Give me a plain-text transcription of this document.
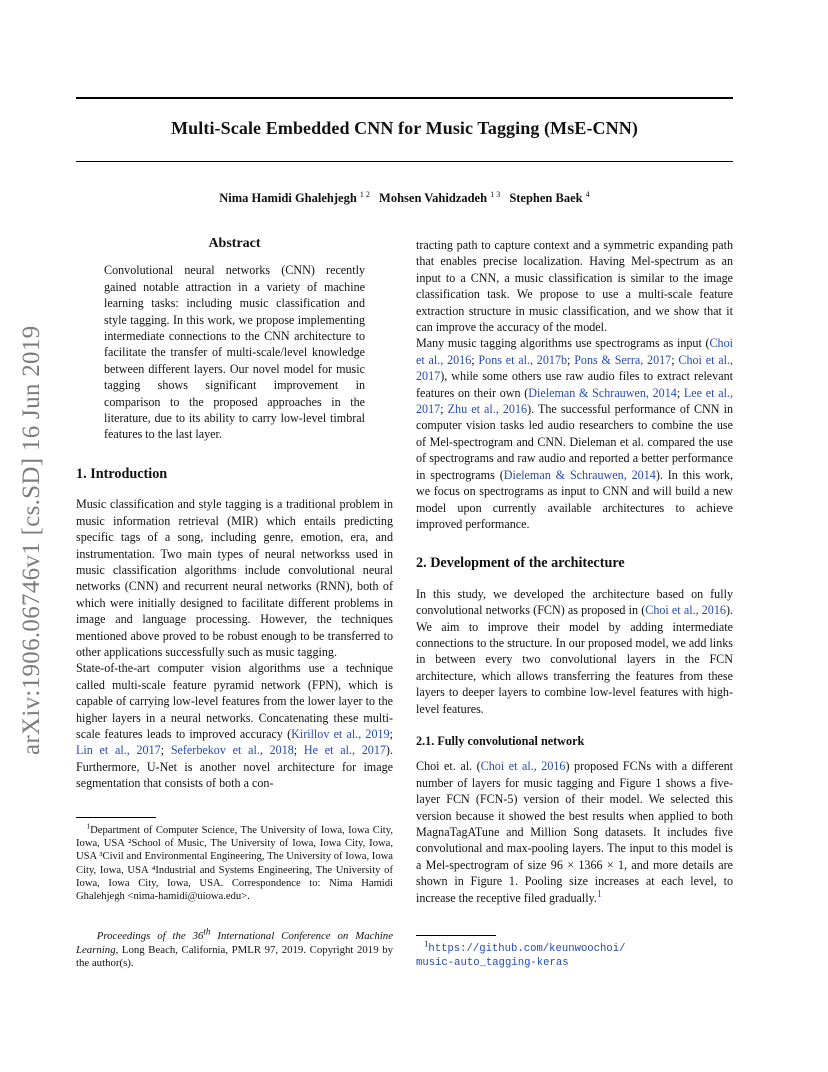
arXiv:1906.06746v1 [cs.SD] 16 Jun 2019
Multi-Scale Embedded CNN for Music Tagging (MsE-CNN)
Nima Hamidi Ghalehjegh $^{1 2}$ Mohsen Vahidzadeh $^{1 3}$ Stephen Baek $^4$

Abstract

Convolutional neural networks (CNN) recently gained notable attraction in a variety of machine learning tasks: including music classification and style tagging. In this work, we propose implementing intermediate connections to the CNN architecture to facilitate the transfer of multi-scale/level knowledge between different layers. Our novel model for music tagging shows significant improvement in comparison to the proposed approaches in the literature, due to its ability to carry low-level timbral features to the last layer.

1. Introduction

Music classification and style tagging is a traditional problem in music information retrieval (MIR) which entails predicting specific tags of a song, including genre, emotion, era, and instrumentation. Two main types of neural networkss used in music classification algorithms include convolutional neural networks (CNN) and recurrent neural networks (RNN), both of which were initially designed to facilitate different problems in image and language processing. However, the techniques mentioned above proved to be robust enough to be transferred to other applications successfully such as music tagging.

State-of-the-art computer vision algorithms use a technique called multi-scale feature pyramid network (FPN), which is capable of carrying low-level features from the lower layer to the higher layers in a neural networks. Concatenating these multi-scale features leads to improved accuracy (Kirillov et al., 2019; Lin et al., 2017; Seferbekov et al., 2018; He et al., 2017). Furthermore, U-Net is another novel architecture for image segmentation that consists of both a con-

$^1$Department of Computer Science, The University of Iowa, Iowa City, Iowa, USA ²School of Music, The University of Iowa, Iowa City, Iowa, USA ³Civil and Environmental Engineering, The University of Iowa, Iowa City, Iowa, USA ⁴Industrial and Systems Engineering, The University of Iowa, Iowa City, Iowa, USA. Correspondence to: Nima Hamidi Ghalehjegh <nima-hamidi@uiowa.edu>.
Proceedings of the 36th International Conference on Machine Learning, Long Beach, California, PMLR 97, 2019. Copyright 2019 by the author(s).

tracting path to capture context and a symmetric expanding path that enables precise localization. Having Mel-spectrum as an input to a CNN, a music classification is similar to the image classification task. We propose to use a multi-scale feature extraction structure in music classification, and we show that it can improve the accuracy of the model.

Many music tagging algorithms use spectrograms as input (Choi et al., 2016; Pons et al., 2017b; Pons & Serra, 2017; Choi et al., 2017), while some others use raw audio files to extract relevant features on their own (Dieleman & Schrauwen, 2014; Lee et al., 2017; Zhu et al., 2016). The successful performance of CNN in computer vision tasks led audio researchers to combine the use of Mel-spectrogram and CNN. Dieleman et al. compared the use of spectrograms and raw audio and reported a better performance in spectrograms (Dieleman & Schrauwen, 2014). In this work, we focus on spectrograms as input to CNN and will build a new model upon currently available architectures to achieve improved performance.

2. Development of the architecture

In this study, we developed the architecture based on fully convolutional networks (FCN) as proposed in (Choi et al., 2016). We aim to improve their model by adding intermediate connections to the structure. In our proposed model, we add links in between every two convolutional layers in the FCN architecture, which allows transferring the features from these layers to deeper layers to combine low-level features with high-level features.

2.1. Fully convolutional network

Choi et. al. (Choi et al., 2016) proposed FCNs with a different number of layers for music tagging and Figure 1 shows a five-layer FCN (FCN-5) version of their model. We selected this version because it showed the best results when applied to both MagnaTagATune and Million Song datasets. It includes five convolutional and max-pooling layers. The input to this model is a Mel-spectrogram of size 96 × 1366 × 1, and more details are shown in Figure 1. Pooling size increases at each level, to increase the receptive filed gradually.$^1$

$^1$https://github.com/keunwoochoi/
music-auto_tagging-keras
